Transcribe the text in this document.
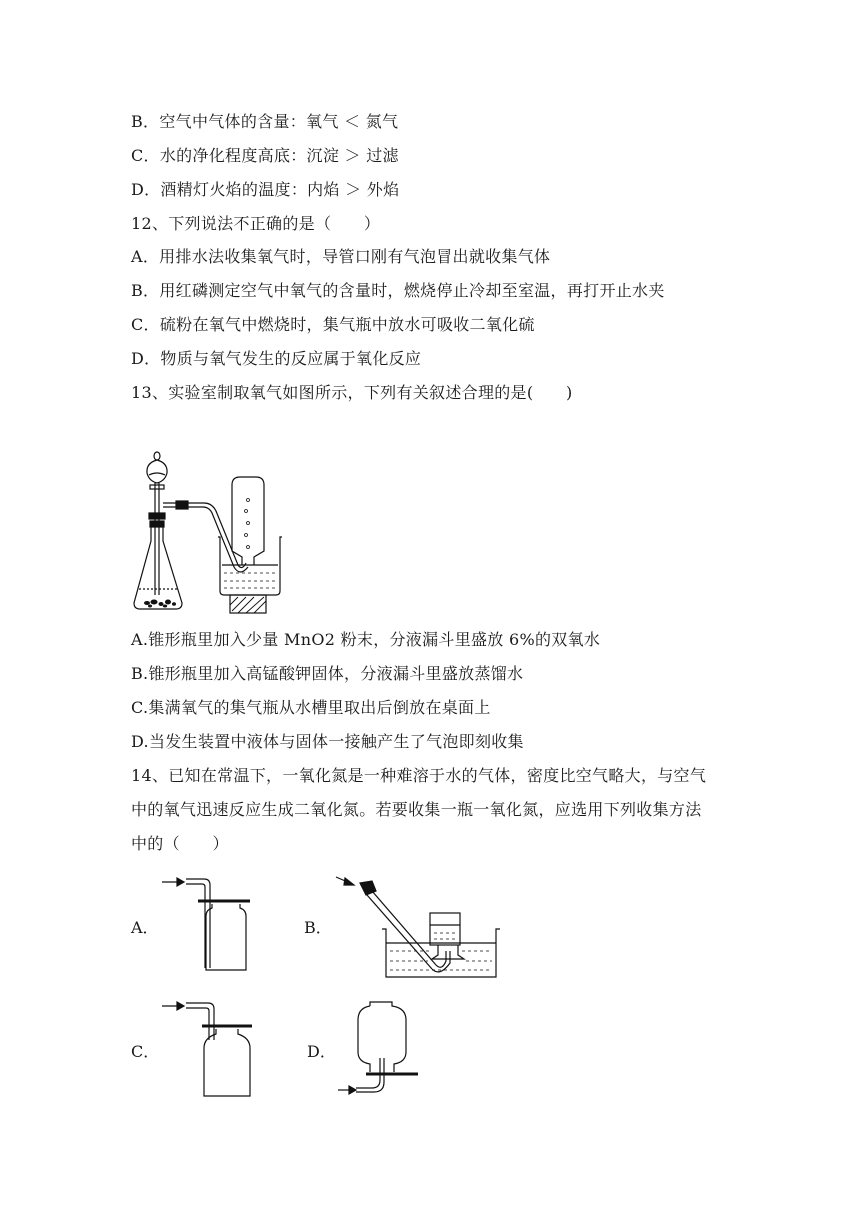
B．空气中气体的含量：氧气 ＜ 氮气
C．水的净化程度高底：沉淀 ＞ 过滤
D．酒精灯火焰的温度：内焰 ＞ 外焰
12、下列说法不正确的是（　　）
A．用排水法收集氧气时，导管口刚有气泡冒出就收集气体
B．用红磷测定空气中氧气的含量时，燃烧停止冷却至室温，再打开止水夹
C．硫粉在氧气中燃烧时，集气瓶中放水可吸收二氧化硫
D．物质与氧气发生的反应属于氧化反应
13、实验室制取氧气如图所示，下列有关叙述合理的是(　　)
A.锥形瓶里加入少量 MnO2 粉末，分液漏斗里盛放 6%的双氧水
B.锥形瓶里加入高锰酸钾固体，分液漏斗里盛放蒸馏水
C.集满氧气的集气瓶从水槽里取出后倒放在桌面上
D.当发生装置中液体与固体一接触产生了气泡即刻收集
14、已知在常温下，一氧化氮是一种难溶于水的气体，密度比空气略大，与空气
中的氧气迅速反应生成二氧化氮。若要收集一瓶一氧化氮，应选用下列收集方法
中的（　　）
A．	B．
C．	D．
